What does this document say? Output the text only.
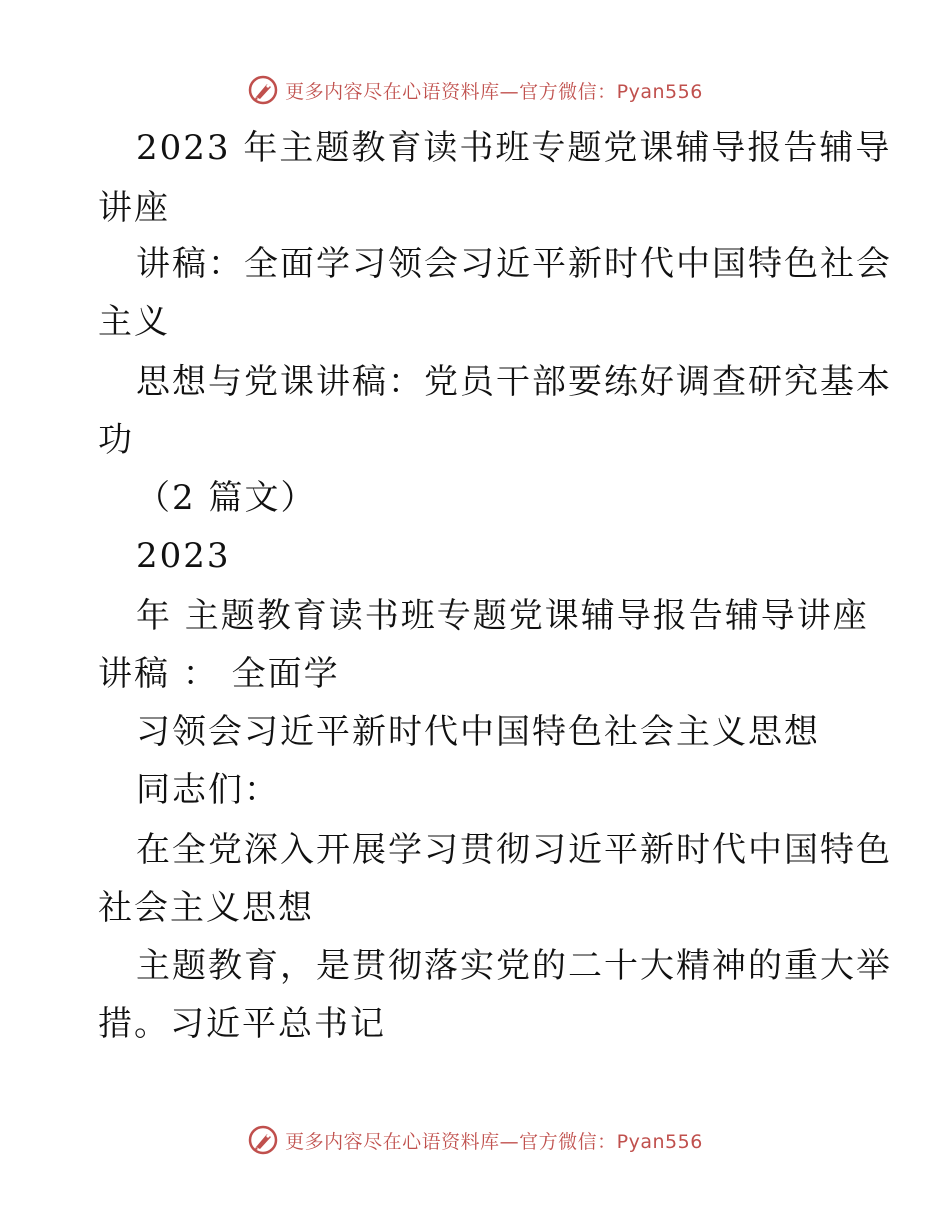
更多内容尽在心语资料库—官方微信：Pyan556
2023 年主题教育读书班专题党课辅导报告辅导
讲座
讲稿：全面学习领会习近平新时代中国特色社会
主义
思想与党课讲稿：党员干部要练好调查研究基本
功
（2 篇文）
2023
年 主题教育读书班专题党课辅导报告辅导讲座
讲稿 ： 全面学
习领会习近平新时代中国特色社会主义思想
同志们：
在全党深入开展学习贯彻习近平新时代中国特色
社会主义思想
主题教育，是贯彻落实党的二十大精神的重大举
措。习近平总书记
更多内容尽在心语资料库—官方微信：Pyan556
